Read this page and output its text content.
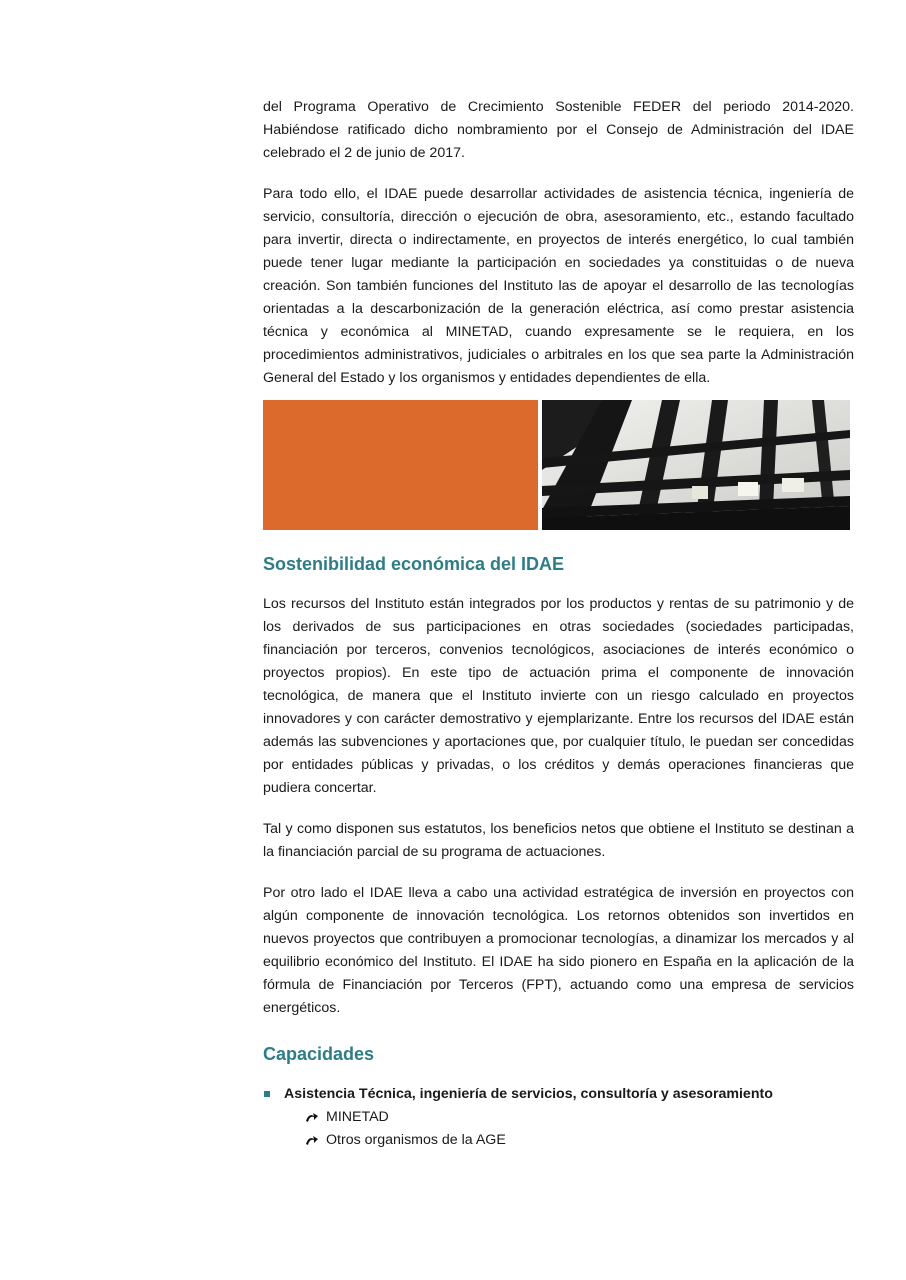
del Programa Operativo de Crecimiento Sostenible FEDER del periodo 2014-2020. Habiéndose ratificado dicho nombramiento por el Consejo de Administración del IDAE celebrado el 2 de junio de 2017.

Para todo ello, el IDAE puede desarrollar actividades de asistencia técnica, ingeniería de servicio, consultoría, dirección o ejecución de obra, asesoramiento, etc., estando facultado para invertir, directa o indirectamente, en proyectos de interés energético, lo cual también puede tener lugar mediante la participación en sociedades ya constituidas o de nueva creación. Son también funciones del Instituto las de apoyar el desarrollo de las tecnologías orientadas a la descarbonización de la generación eléctrica, así como prestar asistencia técnica y económica al MINETAD, cuando expresamente se le requiera, en los procedimientos administrativos, judiciales o arbitrales en los que sea parte la Administración General del Estado y los organismos y entidades dependientes de ella.

Sostenibilidad económica del IDAE

Los recursos del Instituto están integrados por los productos y rentas de su patrimonio y de los derivados de sus participaciones en otras sociedades (sociedades participadas, financiación por terceros, convenios tecnológicos, asociaciones de interés económico o proyectos propios). En este tipo de actuación prima el componente de innovación tecnológica, de manera que el Instituto invierte con un riesgo calculado en proyectos innovadores y con carácter demostrativo y ejemplarizante. Entre los recursos del IDAE están además las subvenciones y aportaciones que, por cualquier título, le puedan ser concedidas por entidades públicas y privadas, o los créditos y demás operaciones financieras que pudiera concertar.

Tal y como disponen sus estatutos, los beneficios netos que obtiene el Instituto se destinan a la financiación parcial de su programa de actuaciones.

Por otro lado el IDAE lleva a cabo una actividad estratégica de inversión en proyectos con algún componente de innovación tecnológica. Los retornos obtenidos son invertidos en nuevos proyectos que contribuyen a promocionar tecnologías, a dinamizar los mercados y al equilibrio económico del Instituto. El IDAE ha sido pionero en España en la aplicación de la fórmula de Financiación por Terceros (FPT), actuando como una empresa de servicios energéticos.

Capacidades
Asistencia Técnica, ingeniería de servicios, consultoría y asesoramiento
MINETAD
Otros organismos de la AGE
